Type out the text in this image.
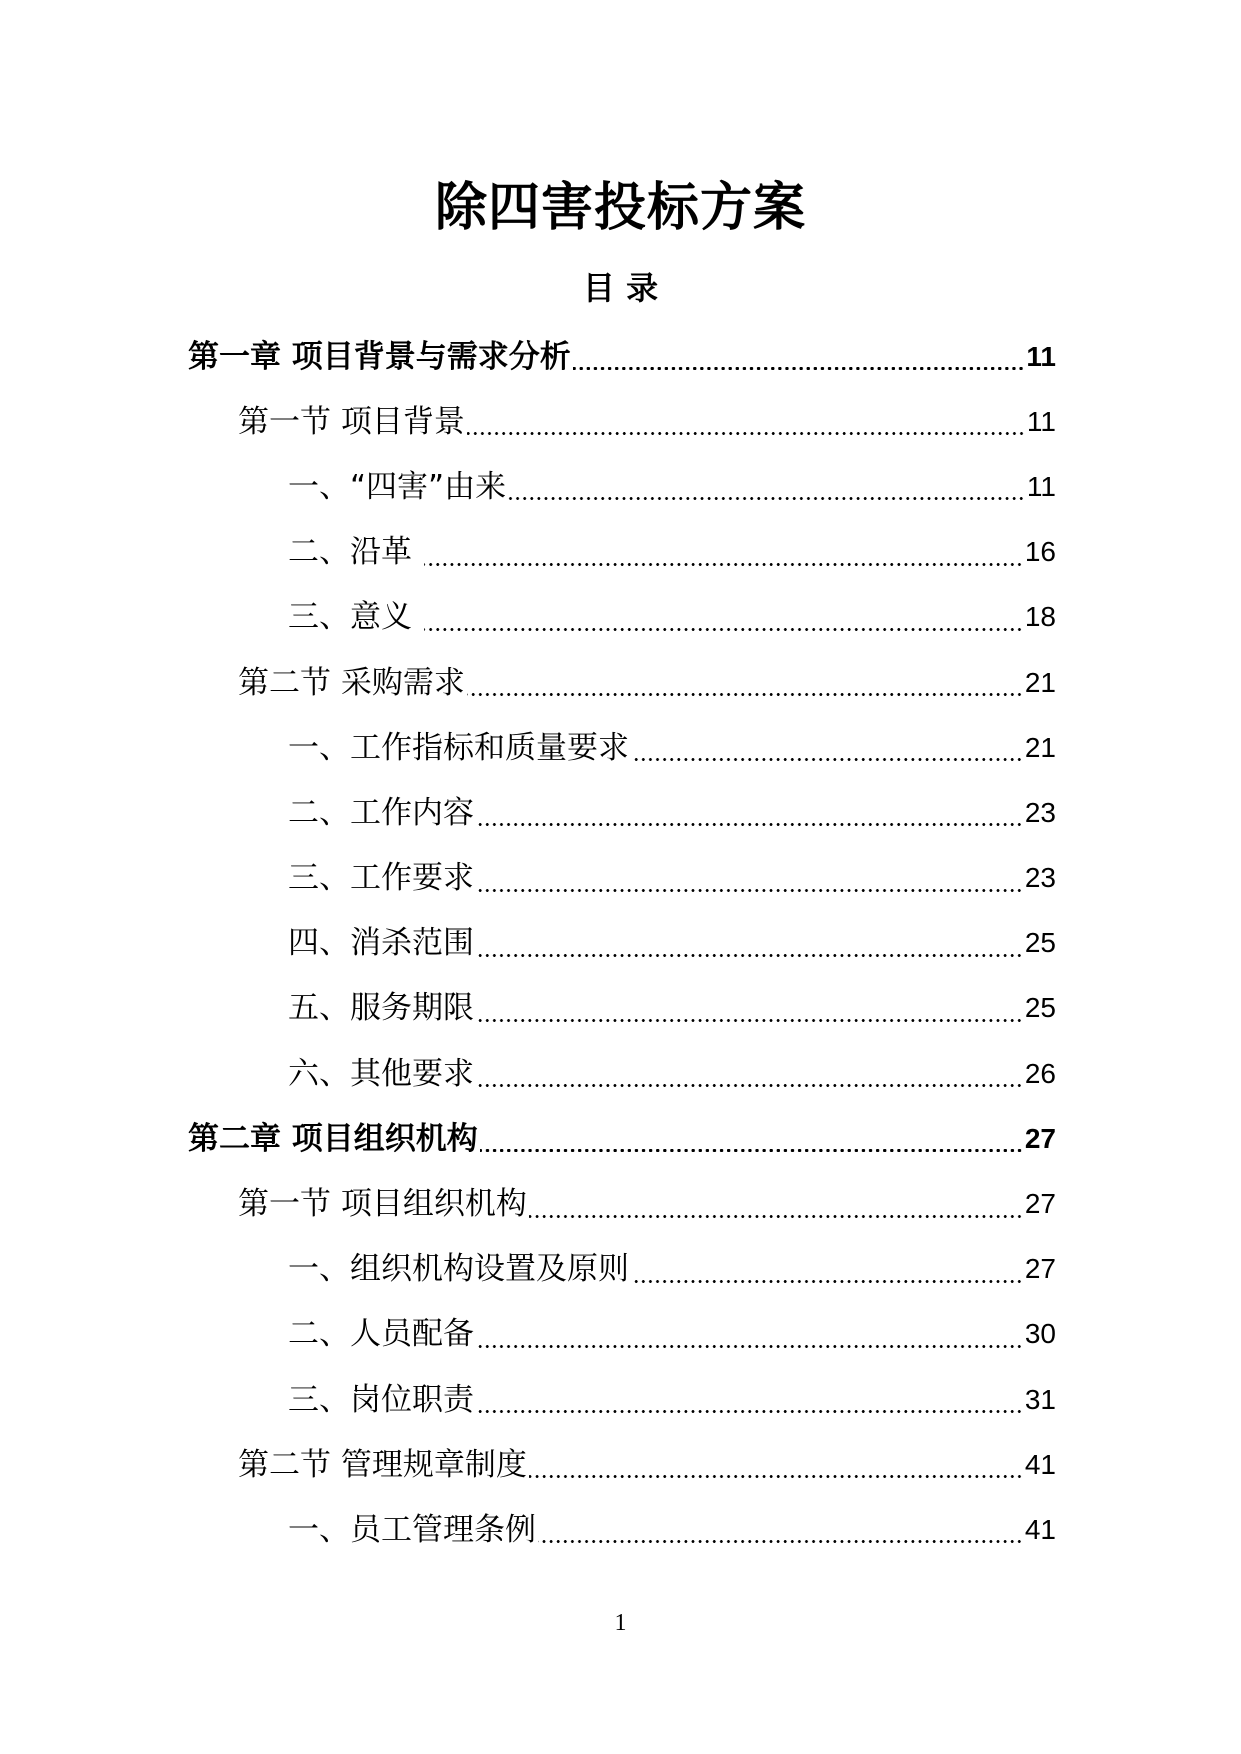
除四害投标方案
目 录
第一章 项目背景与需求分析	11
第一节 项目背景	11
一、“四害”由来	11
二、沿革	16
三、意义	18
第二节 采购需求	21
一、工作指标和质量要求	21
二、工作内容	23
三、工作要求	23
四、消杀范围	25
五、服务期限	25
六、其他要求	26
第二章 项目组织机构	27
第一节 项目组织机构	27
一、组织机构设置及原则	27
二、人员配备	30
三、岗位职责	31
第二节 管理规章制度	41
一、员工管理条例	41
1
